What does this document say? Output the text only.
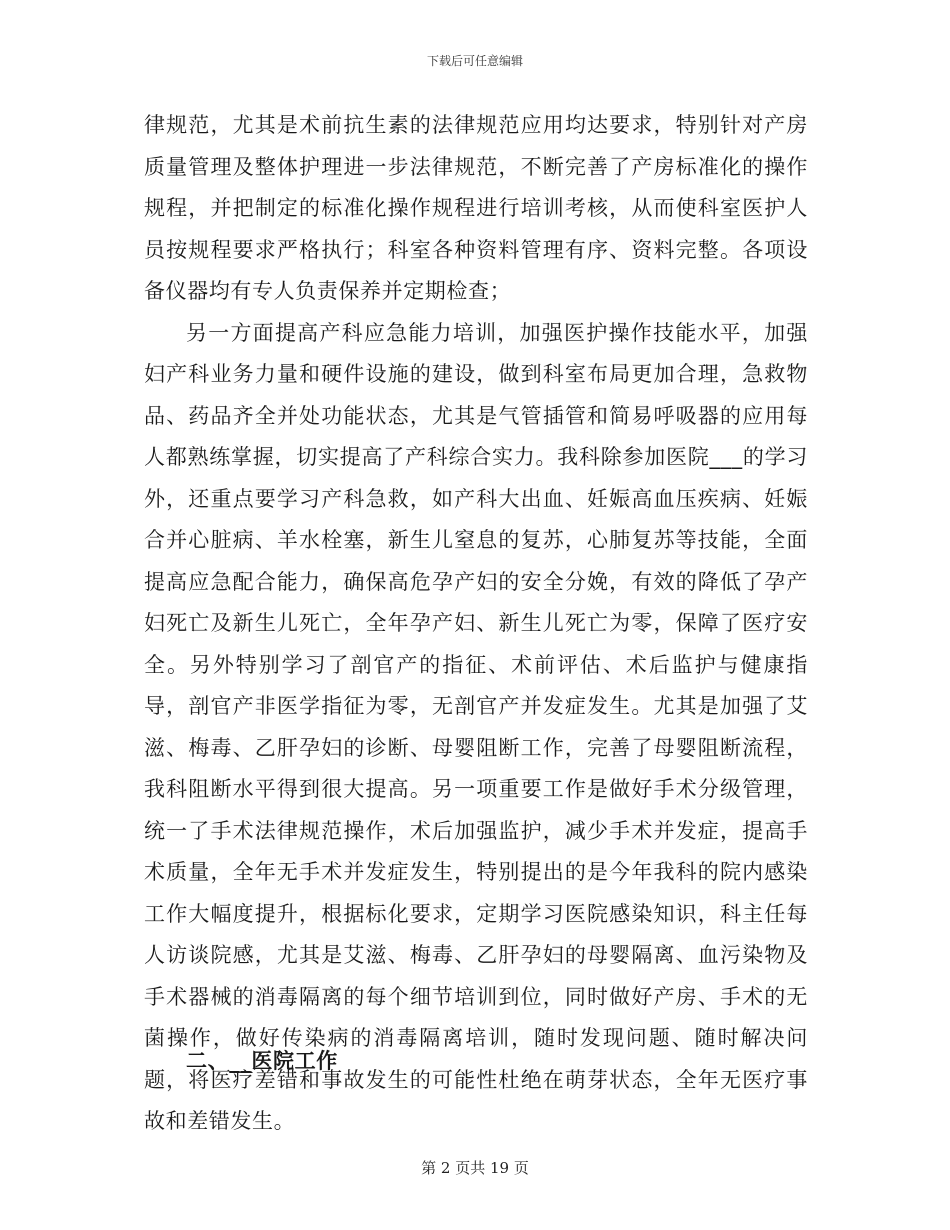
下载后可任意编辑

律规范，尤其是术前抗生素的法律规范应用均达要求，特别针对产房质量管理及整体护理进一步法律规范，不断完善了产房标准化的操作规程，并把制定的标准化操作规程进行培训考核，从而使科室医护人员按规程要求严格执行；科室各种资料管理有序、资料完整。各项设备仪器均有专人负责保养并定期检查；

另一方面提高产科应急能力培训，加强医护操作技能水平，加强妇产科业务力量和硬件设施的建设，做到科室布局更加合理，急救物品、药品齐全并处功能状态，尤其是气管插管和简易呼吸器的应用每人都熟练掌握，切实提高了产科综合实力。我科除参加医院___的学习外，还重点要学习产科急救，如产科大出血、妊娠高血压疾病、妊娠合并心脏病、羊水栓塞，新生儿窒息的复苏，心肺复苏等技能，全面提高应急配合能力，确保高危孕产妇的安全分娩，有效的降低了孕产妇死亡及新生儿死亡，全年孕产妇、新生儿死亡为零，保障了医疗安全。另外特别学习了剖官产的指征、术前评估、术后监护与健康指导，剖官产非医学指征为零，无剖官产并发症发生。尤其是加强了艾滋、梅毒、乙肝孕妇的诊断、母婴阻断工作，完善了母婴阻断流程，我科阻断水平得到很大提高。另一项重要工作是做好手术分级管理，统一了手术法律规范操作，术后加强监护，减少手术并发症，提高手术质量，全年无手术并发症发生，特别提出的是今年我科的院内感染工作大幅度提升，根据标化要求，定期学习医院感染知识，科主任每人访谈院感，尤其是艾滋、梅毒、乙肝孕妇的母婴隔离、血污染物及手术器械的消毒隔离的每个细节培训到位，同时做好产房、手术的无菌操作，做好传染病的消毒隔离培训，随时发现问题、随时解决问题，将医疗差错和事故发生的可能性杜绝在萌芽状态，全年无医疗事故和差错发生。

二、__医院工作
第 2 页共 19 页
